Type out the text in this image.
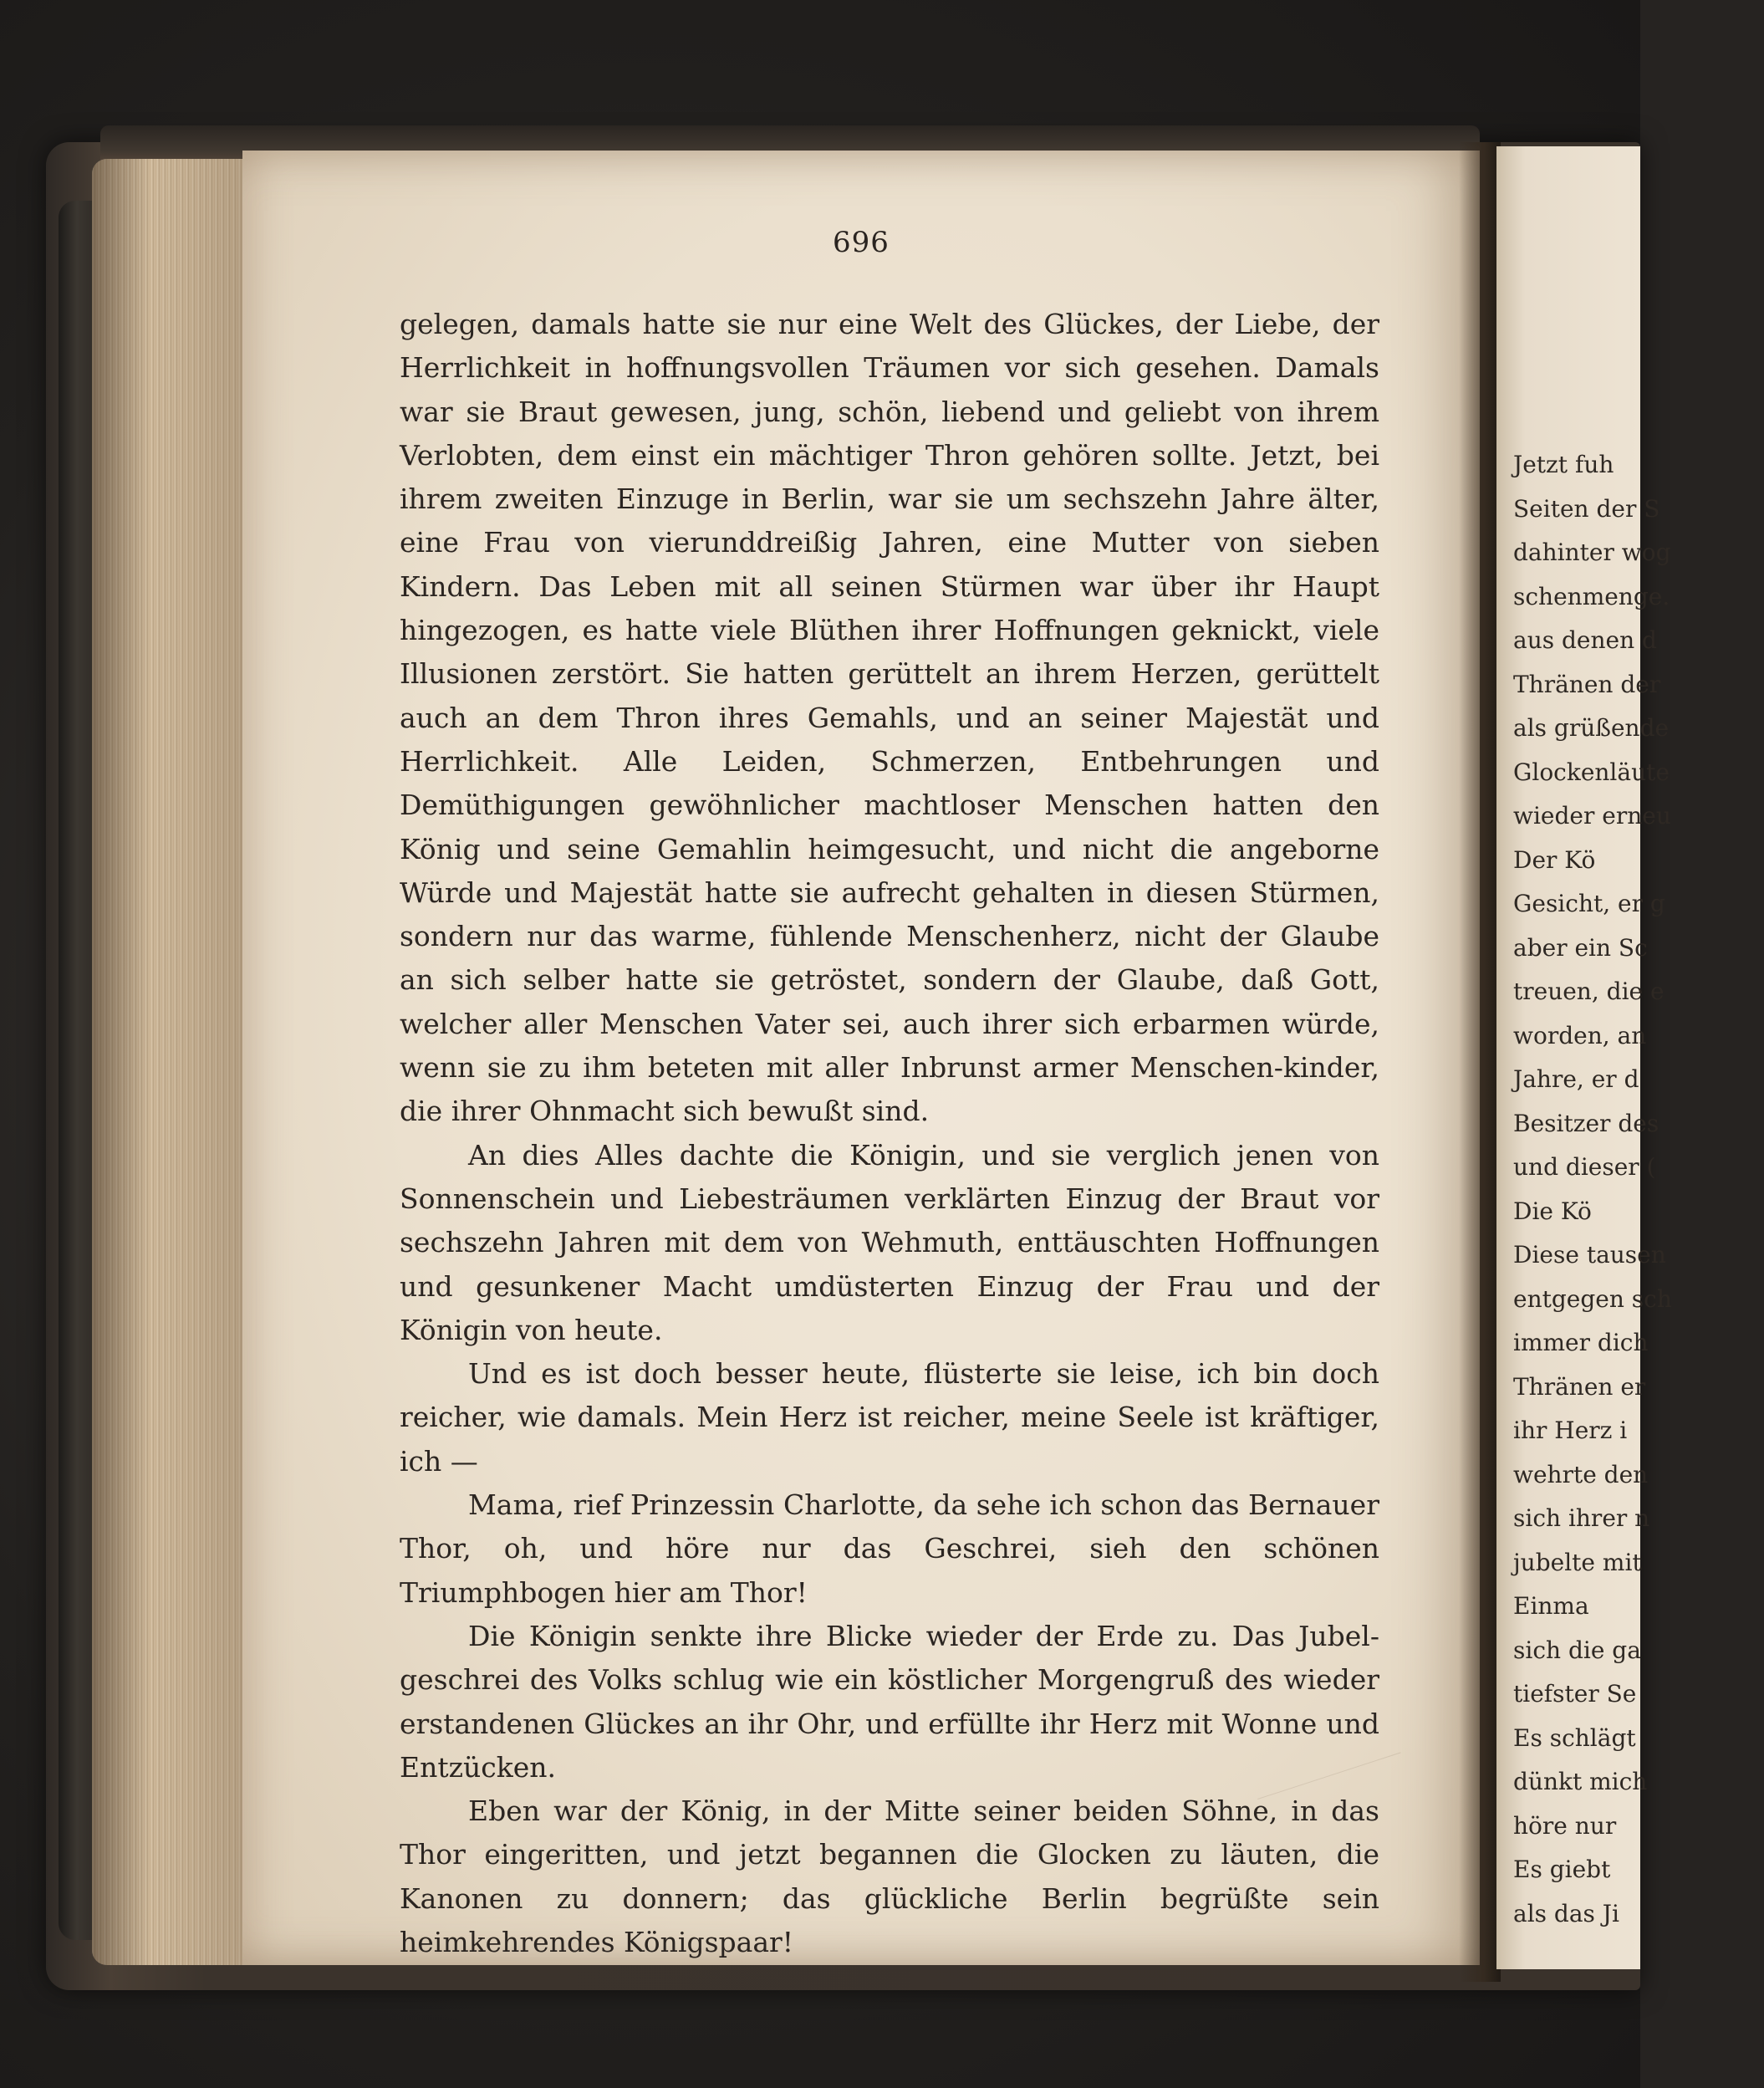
696

gelegen, damals hatte sie nur eine Welt des Glückes, der Liebe, der Herrlichkeit in hoffnungsvollen Träumen vor sich gesehen. Damals war sie Braut gewesen, jung, schön, liebend und geliebt von ihrem Verlobten, dem einst ein mächtiger Thron gehören sollte. Jetzt, bei ihrem zweiten Einzuge in Berlin, war sie um sechszehn Jahre älter, eine Frau von vierunddreißig Jahren, eine Mutter von sieben Kindern. Das Leben mit all seinen Stürmen war über ihr Haupt hingezogen, es hatte viele Blüthen ihrer Hoffnungen geknickt, viele Illusionen zerstört. Sie hatten gerüttelt an ihrem Herzen, gerüttelt auch an dem Thron ihres Gemahls, und an seiner Majestät und Herrlichkeit. Alle Leiden, Schmerzen, Entbehrungen und Demüthigungen gewöhnlicher machtloser Menschen hatten den König und seine Gemahlin heimgesucht, und nicht die angeborne Würde und Majestät hatte sie aufrecht gehalten in diesen Stürmen, sondern nur das warme, fühlende Menschenherz, nicht der Glaube an sich selber hatte sie getröstet, sondern der Glaube, daß Gott, welcher aller Menschen Vater sei, auch ihrer sich erbarmen würde, wenn sie zu ihm beteten mit aller Inbrunst armer Menschen-kinder, die ihrer Ohnmacht sich bewußt sind.

An dies Alles dachte die Königin, und sie verglich jenen von Sonnenschein und Liebesträumen verklärten Einzug der Braut vor sechszehn Jahren mit dem von Wehmuth, enttäuschten Hoffnungen und gesunkener Macht umdüsterten Einzug der Frau und der Königin von heute.

Und es ist doch besser heute, flüsterte sie leise, ich bin doch reicher, wie damals. Mein Herz ist reicher, meine Seele ist kräftiger, ich —

Mama, rief Prinzessin Charlotte, da sehe ich schon das Bernauer Thor, oh, und höre nur das Geschrei, sieh den schönen Triumphbogen hier am Thor!

Die Königin senkte ihre Blicke wieder der Erde zu. Das Jubel-geschrei des Volks schlug wie ein köstlicher Morgengruß des wieder erstandenen Glückes an ihr Ohr, und erfüllte ihr Herz mit Wonne und Entzücken.

Eben war der König, in der Mitte seiner beiden Söhne, in das Thor eingeritten, und jetzt begannen die Glocken zu läuten, die Kanonen zu donnern; das glückliche Berlin begrüßte sein heimkehrendes Königspaar!

Jetzt fuh
Seiten der S
dahinter wog
schenmenge.
aus denen d
Thränen der
als grüßende
Glockenläute
wieder erneu
Der Kö
Gesicht, er g
aber ein Sc
treuen, die e
worden, an
Jahre, er d
Besitzer des
und dieser (
Die Kö
Diese tausen
entgegen sch
immer dich
Thränen er
ihr Herz i
wehrte den
sich ihrer n
jubelte mit
Einma
sich die ga
tiefster Se
Es schlägt
dünkt mich
höre nur
Es giebt
als das Ji
